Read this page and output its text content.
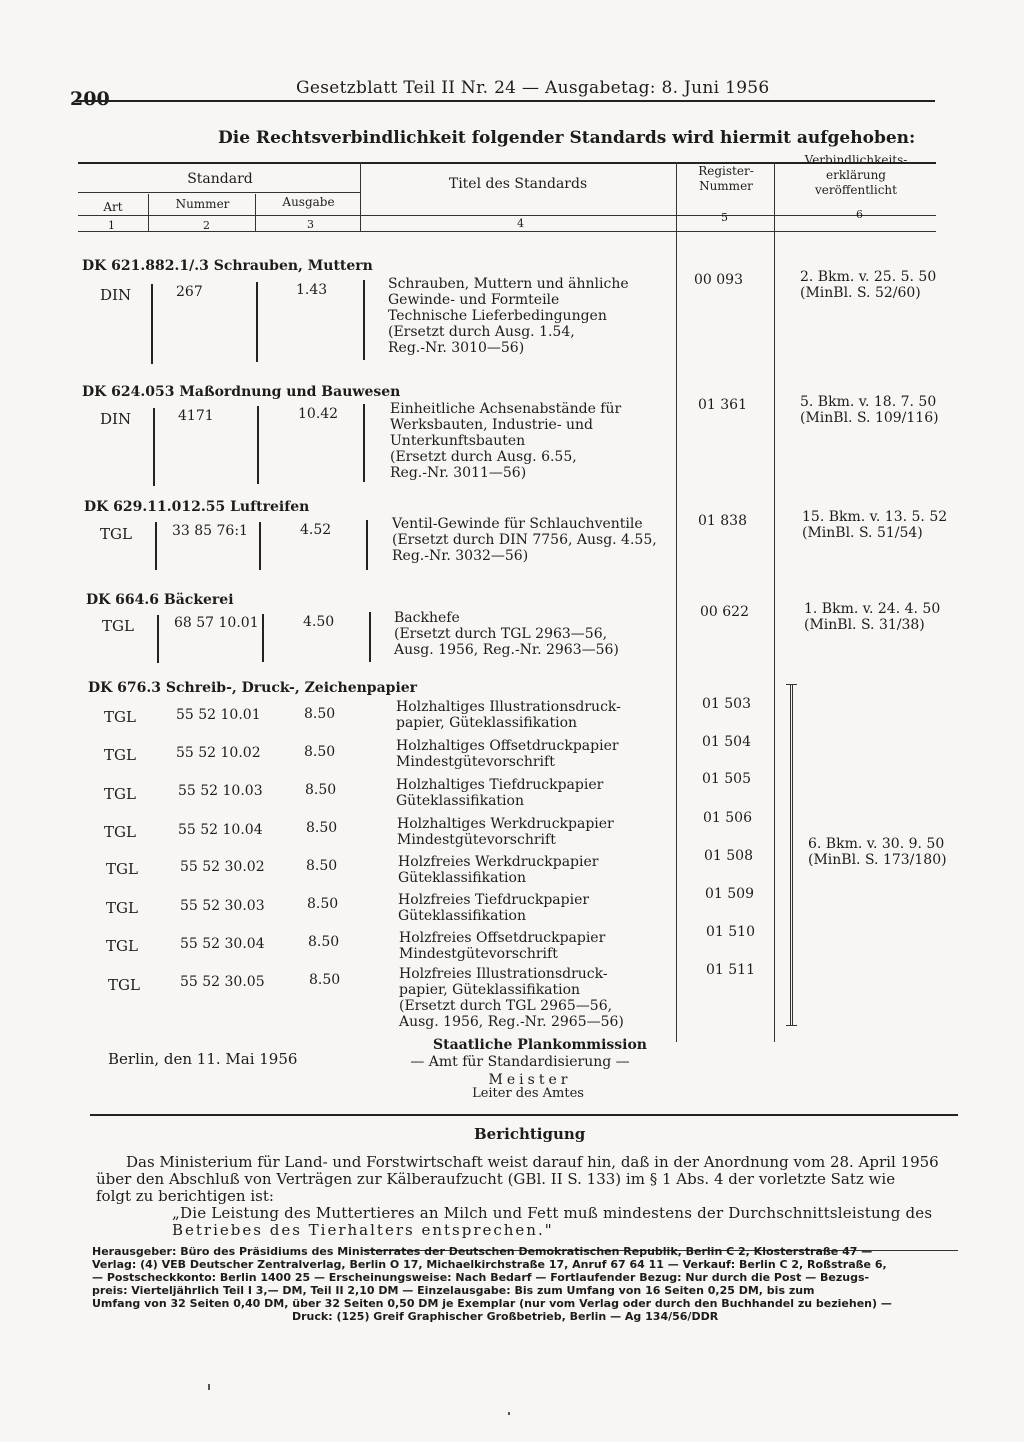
200	Gesetzblatt Teil II Nr. 24 — Ausgabetag: 8. Juni 1956
Die Rechtsverbindlichkeit folgender Standards wird hiermit aufgehoben:
Standard
Art	Nummer	Ausgabe
Titel des Standards
Register-
Nummer
Verbindlichkeits-
erklärung
veröffentlicht
1	2	3	4	5	6
DK 621.882.1/.3 Schrauben, Muttern
DIN	267	1.43	Schrauben, Muttern und ähnliche
Gewinde- und Formteile
Technische Lieferbedingungen
(Ersetzt durch Ausg. 1.54,
Reg.-Nr. 3010—56)
00 093	2. Bkm. v. 25. 5. 50
(MinBl. S. 52/60)
DK 624.053 Maßordnung und Bauwesen
DIN	4171	10.42	Einheitliche Achsenabstände für
Werksbauten, Industrie- und
Unterkunftsbauten
(Ersetzt durch Ausg. 6.55,
Reg.-Nr. 3011—56)
01 361	5. Bkm. v. 18. 7. 50
(MinBl. S. 109/116)
DK 629.11.012.55 Luftreifen
TGL	33 85 76:1	4.52	Ventil-Gewinde für Schlauchventile
(Ersetzt durch DIN 7756, Ausg. 4.55,
Reg.-Nr. 3032—56)
01 838	15. Bkm. v. 13. 5. 52
(MinBl. S. 51/54)
DK 664.6 Bäckerei
TGL	68 57 10.01	4.50	Backhefe
(Ersetzt durch TGL 2963—56,
Ausg. 1956, Reg.-Nr. 2963—56)
00 622	1. Bkm. v. 24. 4. 50
(MinBl. S. 31/38)
DK 676.3 Schreib-, Druck-, Zeichenpapier
TGL	55 52 10.01	8.50	Holzhaltiges Illustrationsdruck-
papier, Güteklassifikation
01 503
TGL	55 52 10.02	8.50	Holzhaltiges Offsetdruckpapier
Mindestgütevorschrift
01 504
TGL	55 52 10.03	8.50	Holzhaltiges Tiefdruckpapier
Güteklassifikation
01 505
TGL	55 52 10.04	8.50	Holzhaltiges Werkdruckpapier
Mindestgütevorschrift
01 506
TGL	55 52 30.02	8.50	Holzfreies Werkdruckpapier
Güteklassifikation
01 508
TGL	55 52 30.03	8.50	Holzfreies Tiefdruckpapier
Güteklassifikation
01 509
TGL	55 52 30.04	8.50	Holzfreies Offsetdruckpapier
Mindestgütevorschrift
01 510
TGL	55 52 30.05	8.50	Holzfreies Illustrationsdruck-
papier, Güteklassifikation
(Ersetzt durch TGL 2965—56,
Ausg. 1956, Reg.-Nr. 2965—56)
01 511
6. Bkm. v. 30. 9. 50
(MinBl. S. 173/180)
Berlin, den 11. Mai 1956
Staatliche Plankommission
— Amt für Standardisierung —
Meister
Leiter des Amtes
Berichtigung
Das Ministerium für Land- und Forstwirtschaft weist darauf hin, daß in der Anordnung vom 28. April 1956
über den Abschluß von Verträgen zur Kälberaufzucht (GBl. II S. 133) im § 1 Abs. 4 der vorletzte Satz wie
folgt zu berichtigen ist:
„Die Leistung des Muttertieres an Milch und Fett muß mindestens der Durchschnittsleistung des
Betriebes des Tierhalters entsprechen."
Herausgeber: Büro des Präsidiums des Ministerrates der Deutschen Demokratischen Republik, Berlin C 2, Klosterstraße 47 —
Verlag: (4) VEB Deutscher Zentralverlag, Berlin O 17, Michaelkirchstraße 17, Anruf 67 64 11 — Verkauf: Berlin C 2, Roßstraße 6,
— Postscheckkonto: Berlin 1400 25 — Erscheinungsweise: Nach Bedarf — Fortlaufender Bezug: Nur durch die Post — Bezugs-
preis: Vierteljährlich Teil I 3,— DM, Teil II 2,10 DM — Einzelausgabe: Bis zum Umfang von 16 Seiten 0,25 DM, bis zum
Umfang von 32 Seiten 0,40 DM, über 32 Seiten 0,50 DM je Exemplar (nur vom Verlag oder durch den Buchhandel zu beziehen) —
Druck: (125) Greif Graphischer Großbetrieb, Berlin — Ag 134/56/DDR
